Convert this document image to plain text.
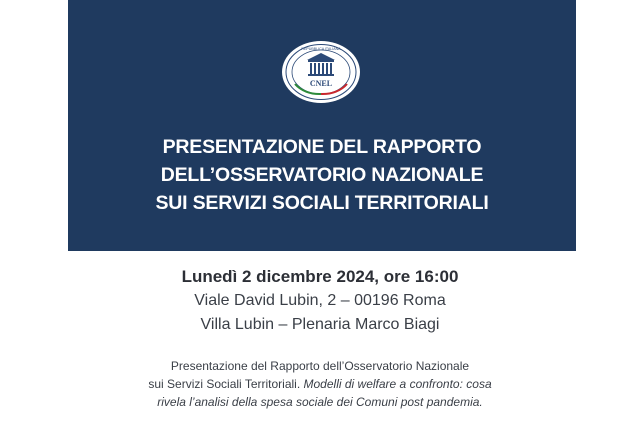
CNEL
REPUBBLICA ITALIANA
PRESENTAZIONE DEL RAPPORTO
DELL’OSSERVATORIO NAZIONALE
SUI SERVIZI SOCIALI TERRITORIALI
Lunedì 2 dicembre 2024, ore 16:00
Viale David Lubin, 2 – 00196 Roma
Villa Lubin – Plenaria Marco Biagi
Presentazione del Rapporto dell’Osservatorio Nazionale
sui Servizi Sociali Territoriali. Modelli di welfare a confronto: cosa
rivela l’analisi della spesa sociale dei Comuni post pandemia.
